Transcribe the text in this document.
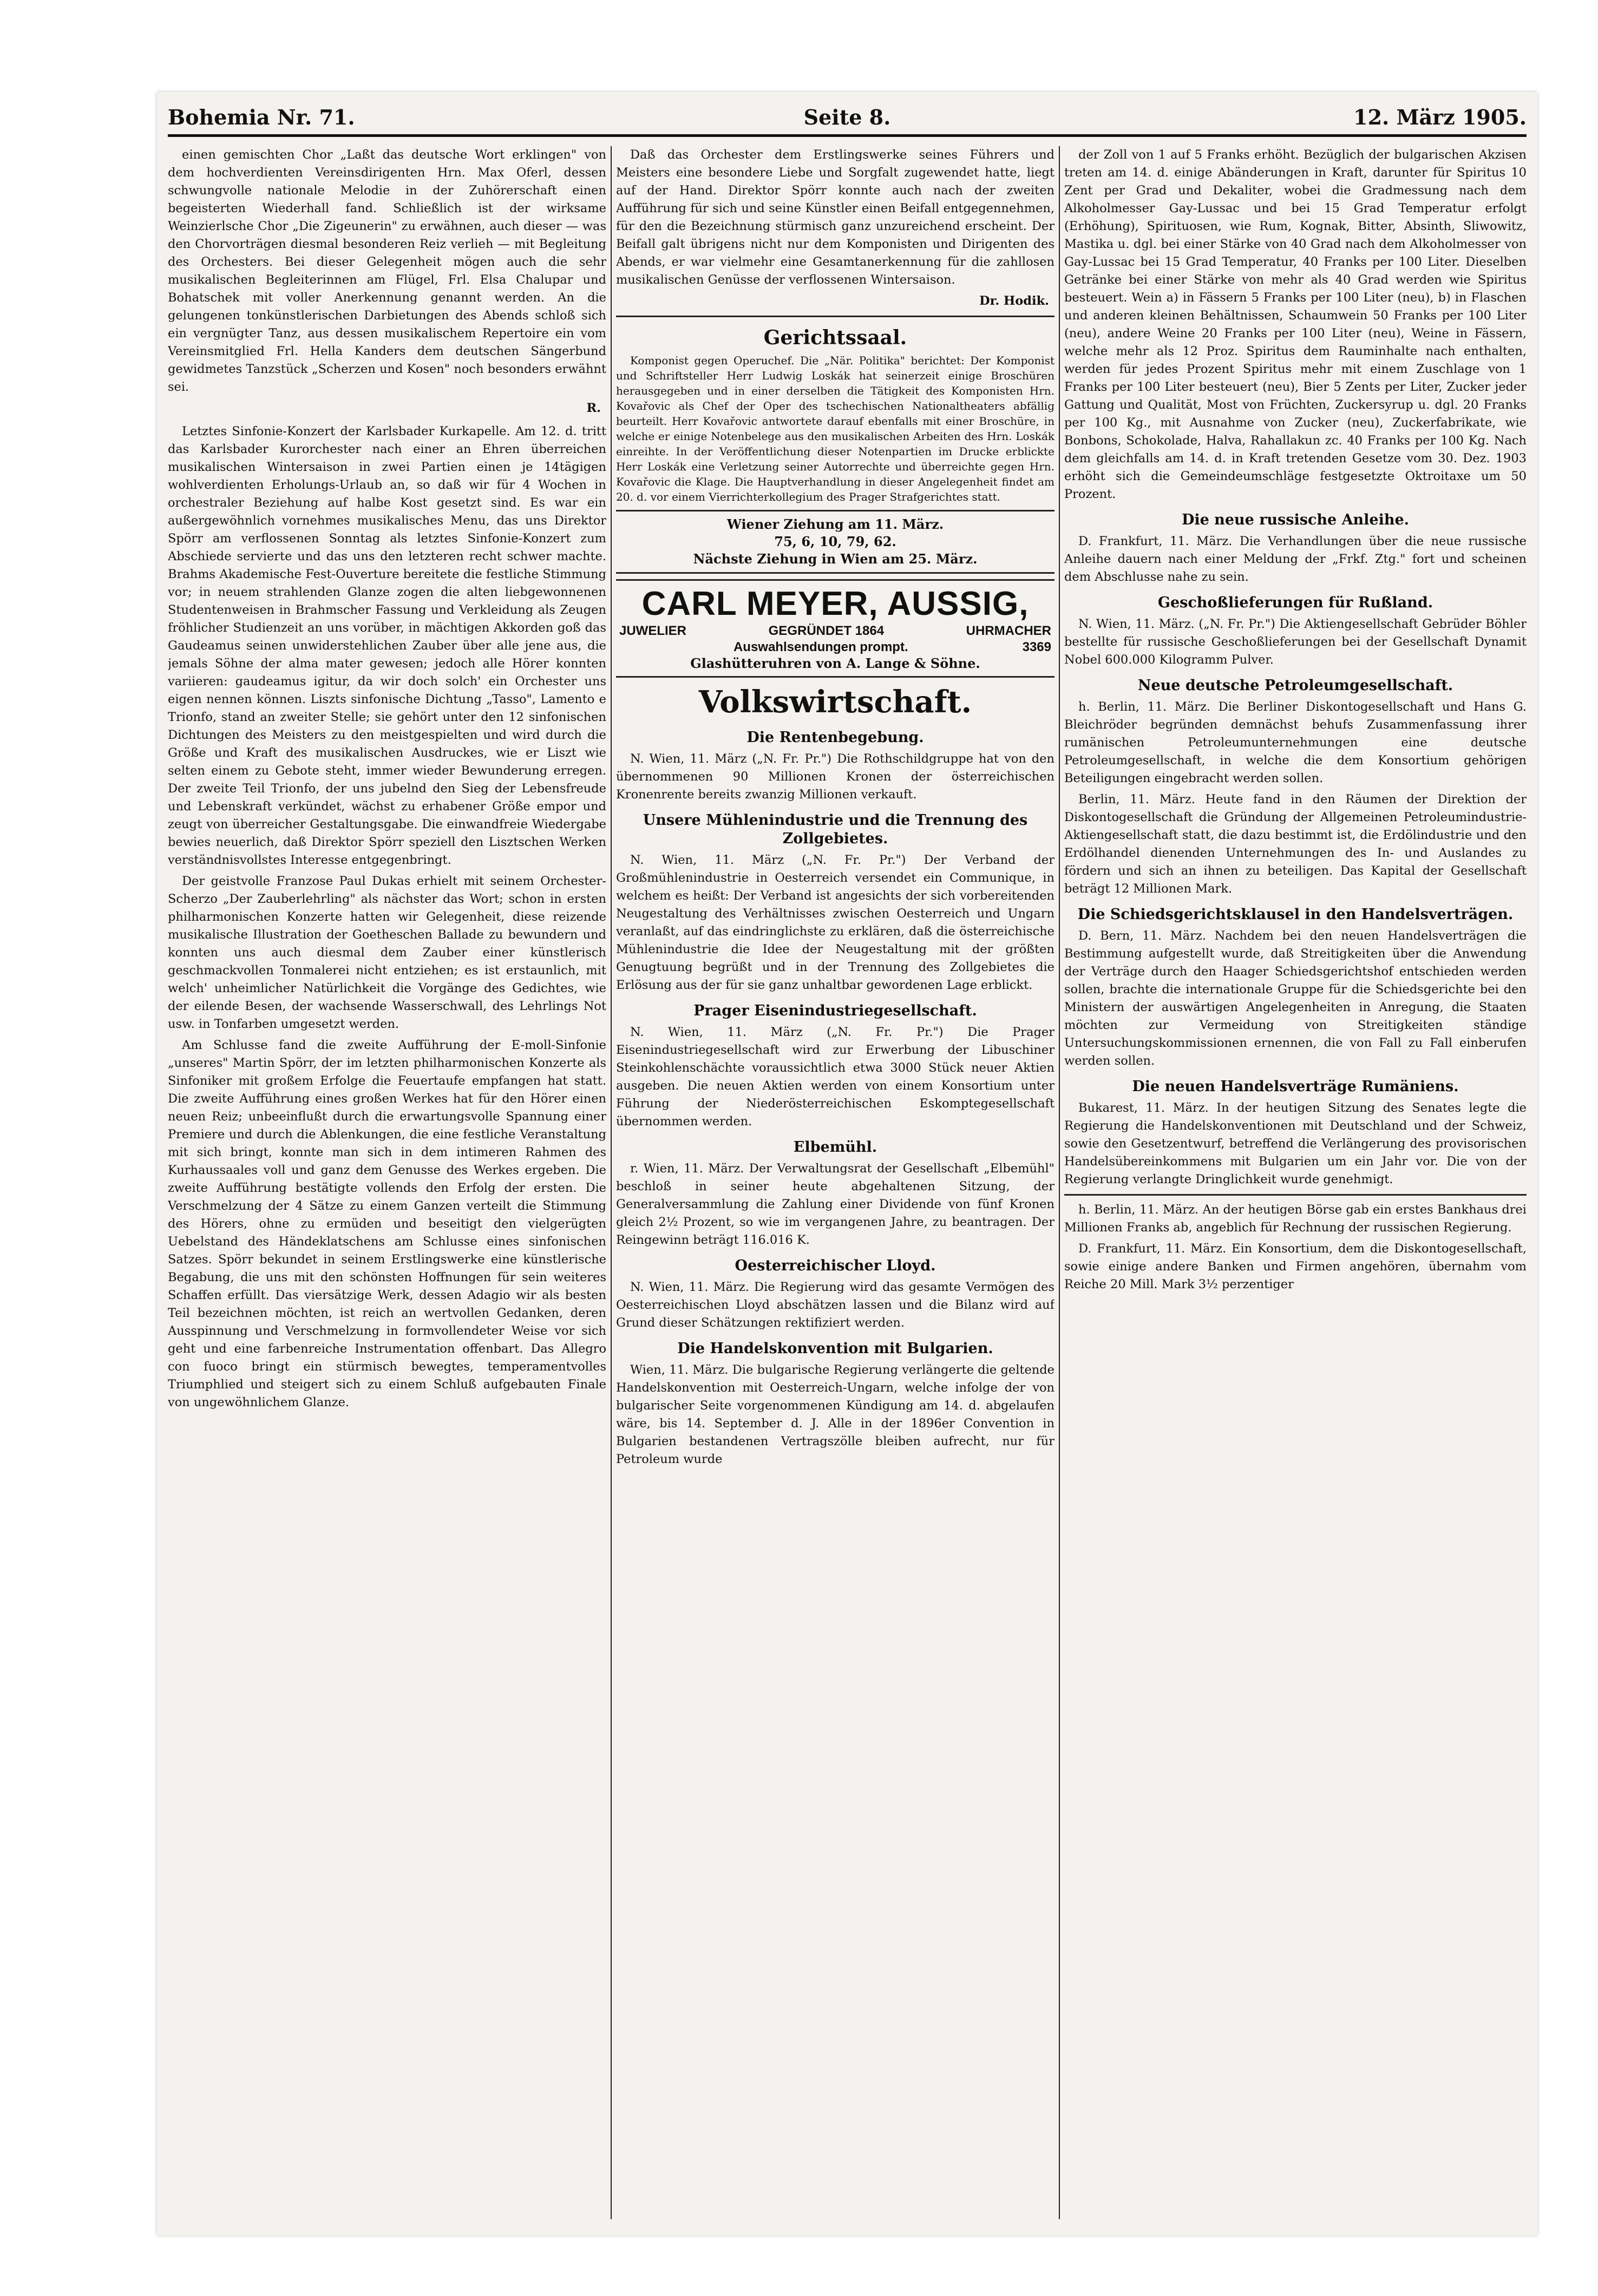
Bohemia Nr. 71.	Seite 8.	12. März 1905.

einen gemischten Chor „Laßt das deutsche Wort erklingen" von dem hochverdienten Vereinsdirigenten Hrn. Max Oferl, dessen schwungvolle nationale Melodie in der Zuhörerschaft einen begeisterten Wiederhall fand. Schließlich ist der wirksame Weinzierlsche Chor „Die Zigeunerin" zu erwähnen, auch dieser — was den Chorvorträgen diesmal besonderen Reiz verlieh — mit Begleitung des Orchesters. Bei dieser Gelegenheit mögen auch die sehr musikalischen Begleiterinnen am Flügel, Frl. Elsa Chalupar und Bohatschek mit voller Anerkennung genannt werden. An die gelungenen tonkünstlerischen Darbietungen des Abends schloß sich ein vergnügter Tanz, aus dessen musikalischem Repertoire ein vom Vereinsmitglied Frl. Hella Kanders dem deutschen Sängerbund gewidmetes Tanzstück „Scherzen und Kosen" noch besonders erwähnt sei.

R.

Letztes Sinfonie-Konzert der Karlsbader Kurkapelle. Am 12. d. tritt das Karlsbader Kurorchester nach einer an Ehren überreichen musikalischen Wintersaison in zwei Partien einen je 14tägigen wohlverdienten Erholungs-Urlaub an, so daß wir für 4 Wochen in orchestraler Beziehung auf halbe Kost gesetzt sind. Es war ein außergewöhnlich vornehmes musikalisches Menu, das uns Direktor Spörr am verflossenen Sonntag als letztes Sinfonie-Konzert zum Abschiede servierte und das uns den letzteren recht schwer machte. Brahms Akademische Fest-Ouverture bereitete die festliche Stimmung vor; in neuem strahlenden Glanze zogen die alten liebgewonnenen Studentenweisen in Brahmscher Fassung und Verkleidung als Zeugen fröhlicher Studienzeit an uns vorüber, in mächtigen Akkorden goß das Gaudeamus seinen unwiderstehlichen Zauber über alle jene aus, die jemals Söhne der alma mater gewesen; jedoch alle Hörer konnten variieren: gaudeamus igitur, da wir doch solch' ein Orchester uns eigen nennen können. Liszts sinfonische Dichtung „Tasso", Lamento e Trionfo, stand an zweiter Stelle; sie gehört unter den 12 sinfonischen Dichtungen des Meisters zu den meistgespielten und wird durch die Größe und Kraft des musikalischen Ausdruckes, wie er Liszt wie selten einem zu Gebote steht, immer wieder Bewunderung erregen. Der zweite Teil Trionfo, der uns jubelnd den Sieg der Lebensfreude und Lebenskraft verkündet, wächst zu erhabener Größe empor und zeugt von überreicher Gestaltungsgabe. Die einwandfreie Wiedergabe bewies neuerlich, daß Direktor Spörr speziell den Lisztschen Werken verständnisvollstes Interesse entgegenbringt.

Der geistvolle Franzose Paul Dukas erhielt mit seinem Orchester-Scherzo „Der Zauberlehrling" als nächster das Wort; schon in ersten philharmonischen Konzerte hatten wir Gelegenheit, diese reizende musikalische Illustration der Goetheschen Ballade zu bewundern und konnten uns auch diesmal dem Zauber einer künstlerisch geschmackvollen Tonmalerei nicht entziehen; es ist erstaunlich, mit welch' unheimlicher Natürlichkeit die Vorgänge des Gedichtes, wie der eilende Besen, der wachsende Wasserschwall, des Lehrlings Not usw. in Tonfarben umgesetzt werden.

Am Schlusse fand die zweite Aufführung der E-moll-Sinfonie „unseres" Martin Spörr, der im letzten philharmonischen Konzerte als Sinfoniker mit großem Erfolge die Feuertaufe empfangen hat statt. Die zweite Aufführung eines großen Werkes hat für den Hörer einen neuen Reiz; unbeeinflußt durch die erwartungsvolle Spannung einer Premiere und durch die Ablenkungen, die eine festliche Veranstaltung mit sich bringt, konnte man sich in dem intimeren Rahmen des Kurhaussaales voll und ganz dem Genusse des Werkes ergeben. Die zweite Aufführung bestätigte vollends den Erfolg der ersten. Die Verschmelzung der 4 Sätze zu einem Ganzen verteilt die Stimmung des Hörers, ohne zu ermüden und beseitigt den vielgerügten Uebelstand des Händeklatschens am Schlusse eines sinfonischen Satzes. Spörr bekundet in seinem Erstlingswerke eine künstlerische Begabung, die uns mit den schönsten Hoffnungen für sein weiteres Schaffen erfüllt. Das viersätzige Werk, dessen Adagio wir als besten Teil bezeichnen möchten, ist reich an wertvollen Gedanken, deren Ausspinnung und Verschmelzung in formvollendeter Weise vor sich geht und eine farbenreiche Instrumentation offenbart. Das Allegro con fuoco bringt ein stürmisch bewegtes, temperamentvolles Triumphlied und steigert sich zu einem Schluß aufgebauten Finale von ungewöhnlichem Glanze.

Daß das Orchester dem Erstlingswerke seines Führers und Meisters eine besondere Liebe und Sorgfalt zugewendet hatte, liegt auf der Hand. Direktor Spörr konnte auch nach der zweiten Aufführung für sich und seine Künstler einen Beifall entgegennehmen, für den die Bezeichnung stürmisch ganz unzureichend erscheint. Der Beifall galt übrigens nicht nur dem Komponisten und Dirigenten des Abends, er war vielmehr eine Gesamtanerkennung für die zahllosen musikalischen Genüsse der verflossenen Wintersaison.

Dr. Hodik.

Gerichtssaal.

Komponist gegen Operuchef. Die „När. Politika" berichtet: Der Komponist und Schriftsteller Herr Ludwig Loskák hat seinerzeit einige Broschüren herausgegeben und in einer derselben die Tätigkeit des Komponisten Hrn. Kovařovic als Chef der Oper des tschechischen Nationaltheaters abfällig beurteilt. Herr Kovařovic antwortete darauf ebenfalls mit einer Broschüre, in welche er einige Notenbelege aus den musikalischen Arbeiten des Hrn. Loskák einreihte. In der Veröffentlichung dieser Notenpartien im Drucke erblickte Herr Loskák eine Verletzung seiner Autorrechte und überreichte gegen Hrn. Kovařovic die Klage. Die Hauptverhandlung in dieser Angelegenheit findet am 20. d. vor einem Vierrichterkollegium des Prager Strafgerichtes statt.

Wiener Ziehung am 11. März.
75, 6, 10, 79, 62.
Nächste Ziehung in Wien am 25. März.
CARL MEYER, AUSSIG,
JUWELIER	GEGRÜNDET 1864	UHRMACHER
Auswahlsendungen prompt.	3369
Glashütteruhren von A. Lange & Söhne.
Volkswirtschaft.
Die Rentenbegebung.

N. Wien, 11. März („N. Fr. Pr.") Die Rothschildgruppe hat von den übernommenen 90 Millionen Kronen der österreichischen Kronenrente bereits zwanzig Millionen verkauft.

Unsere Mühlenindustrie und die Trennung des Zollgebietes.

N. Wien, 11. März („N. Fr. Pr.") Der Verband der Großmühlenindustrie in Oesterreich versendet ein Communique, in welchem es heißt: Der Verband ist angesichts der sich vorbereitenden Neugestaltung des Verhältnisses zwischen Oesterreich und Ungarn veranlaßt, auf das eindringlichste zu erklären, daß die österreichische Mühlenindustrie die Idee der Neugestaltung mit der größten Genugtuung begrüßt und in der Trennung des Zollgebietes die Erlösung aus der für sie ganz unhaltbar gewordenen Lage erblickt.

Prager Eisenindustriegesellschaft.

N. Wien, 11. März („N. Fr. Pr.") Die Prager Eisenindustriegesellschaft wird zur Erwerbung der Libuschiner Steinkohlenschächte voraussichtlich etwa 3000 Stück neuer Aktien ausgeben. Die neuen Aktien werden von einem Konsortium unter Führung der Niederösterreichischen Eskomptegesellschaft übernommen werden.

Elbemühl.

r. Wien, 11. März. Der Verwaltungsrat der Gesellschaft „Elbemühl" beschloß in seiner heute abgehaltenen Sitzung, der Generalversammlung die Zahlung einer Dividende von fünf Kronen gleich 2½ Prozent, so wie im vergangenen Jahre, zu beantragen. Der Reingewinn beträgt 116.016 K.

Oesterreichischer Lloyd.

N. Wien, 11. März. Die Regierung wird das gesamte Vermögen des Oesterreichischen Lloyd abschätzen lassen und die Bilanz wird auf Grund dieser Schätzungen rektifiziert werden.

Die Handelskonvention mit Bulgarien.

Wien, 11. März. Die bulgarische Regierung verlängerte die geltende Handelskonvention mit Oesterreich-Ungarn, welche infolge der von bulgarischer Seite vorgenommenen Kündigung am 14. d. abgelaufen wäre, bis 14. September d. J. Alle in der 1896er Convention in Bulgarien bestandenen Vertragszölle bleiben aufrecht, nur für Petroleum wurde

der Zoll von 1 auf 5 Franks erhöht. Bezüglich der bulgarischen Akzisen treten am 14. d. einige Abänderungen in Kraft, darunter für Spiritus 10 Zent per Grad und Dekaliter, wobei die Gradmessung nach dem Alkoholmesser Gay-Lussac und bei 15 Grad Temperatur erfolgt (Erhöhung), Spirituosen, wie Rum, Kognak, Bitter, Absinth, Sliwowitz, Mastika u. dgl. bei einer Stärke von 40 Grad nach dem Alkoholmesser von Gay-Lussac bei 15 Grad Temperatur, 40 Franks per 100 Liter. Dieselben Getränke bei einer Stärke von mehr als 40 Grad werden wie Spiritus besteuert. Wein a) in Fässern 5 Franks per 100 Liter (neu), b) in Flaschen und anderen kleinen Behältnissen, Schaumwein 50 Franks per 100 Liter (neu), andere Weine 20 Franks per 100 Liter (neu), Weine in Fässern, welche mehr als 12 Proz. Spiritus dem Rauminhalte nach enthalten, werden für jedes Prozent Spiritus mehr mit einem Zuschlage von 1 Franks per 100 Liter besteuert (neu), Bier 5 Zents per Liter, Zucker jeder Gattung und Qualität, Most von Früchten, Zuckersyrup u. dgl. 20 Franks per 100 Kg., mit Ausnahme von Zucker (neu), Zuckerfabrikate, wie Bonbons, Schokolade, Halva, Rahallakun zc. 40 Franks per 100 Kg. Nach dem gleichfalls am 14. d. in Kraft tretenden Gesetze vom 30. Dez. 1903 erhöht sich die Gemeindeumschläge festgesetzte Oktroitaxe um 50 Prozent.

Die neue russische Anleihe.

D. Frankfurt, 11. März. Die Verhandlungen über die neue russische Anleihe dauern nach einer Meldung der „Frkf. Ztg." fort und scheinen dem Abschlusse nahe zu sein.

Geschoßlieferungen für Rußland.

N. Wien, 11. März. („N. Fr. Pr.") Die Aktiengesellschaft Gebrüder Böhler bestellte für russische Geschoßlieferungen bei der Gesellschaft Dynamit Nobel 600.000 Kilogramm Pulver.

Neue deutsche Petroleumgesellschaft.

h. Berlin, 11. März. Die Berliner Diskontogesellschaft und Hans G. Bleichröder begründen demnächst behufs Zusammenfassung ihrer rumänischen Petroleumunternehmungen eine deutsche Petroleumgesellschaft, in welche die dem Konsortium gehörigen Beteiligungen eingebracht werden sollen.

Berlin, 11. März. Heute fand in den Räumen der Direktion der Diskontogesellschaft die Gründung der Allgemeinen Petroleumindustrie-Aktiengesellschaft statt, die dazu bestimmt ist, die Erdölindustrie und den Erdölhandel dienenden Unternehmungen des In- und Auslandes zu fördern und sich an ihnen zu beteiligen. Das Kapital der Gesellschaft beträgt 12 Millionen Mark.

Die Schiedsgerichtsklausel in den Handelsverträgen.

D. Bern, 11. März. Nachdem bei den neuen Handelsverträgen die Bestimmung aufgestellt wurde, daß Streitigkeiten über die Anwendung der Verträge durch den Haager Schiedsgerichtshof entschieden werden sollen, brachte die internationale Gruppe für die Schiedsgerichte bei den Ministern der auswärtigen Angelegenheiten in Anregung, die Staaten möchten zur Vermeidung von Streitigkeiten ständige Untersuchungskommissionen ernennen, die von Fall zu Fall einberufen werden sollen.

Die neuen Handelsverträge Rumäniens.

Bukarest, 11. März. In der heutigen Sitzung des Senates legte die Regierung die Handelskonventionen mit Deutschland und der Schweiz, sowie den Gesetzentwurf, betreffend die Verlängerung des provisorischen Handelsübereinkommens mit Bulgarien um ein Jahr vor. Die von der Regierung verlangte Dringlichkeit wurde genehmigt.

h. Berlin, 11. März. An der heutigen Börse gab ein erstes Bankhaus drei Millionen Franks ab, angeblich für Rechnung der russischen Regierung.

D. Frankfurt, 11. März. Ein Konsortium, dem die Diskontogesellschaft, sowie einige andere Banken und Firmen angehören, übernahm vom Reiche 20 Mill. Mark 3½ perzentiger
